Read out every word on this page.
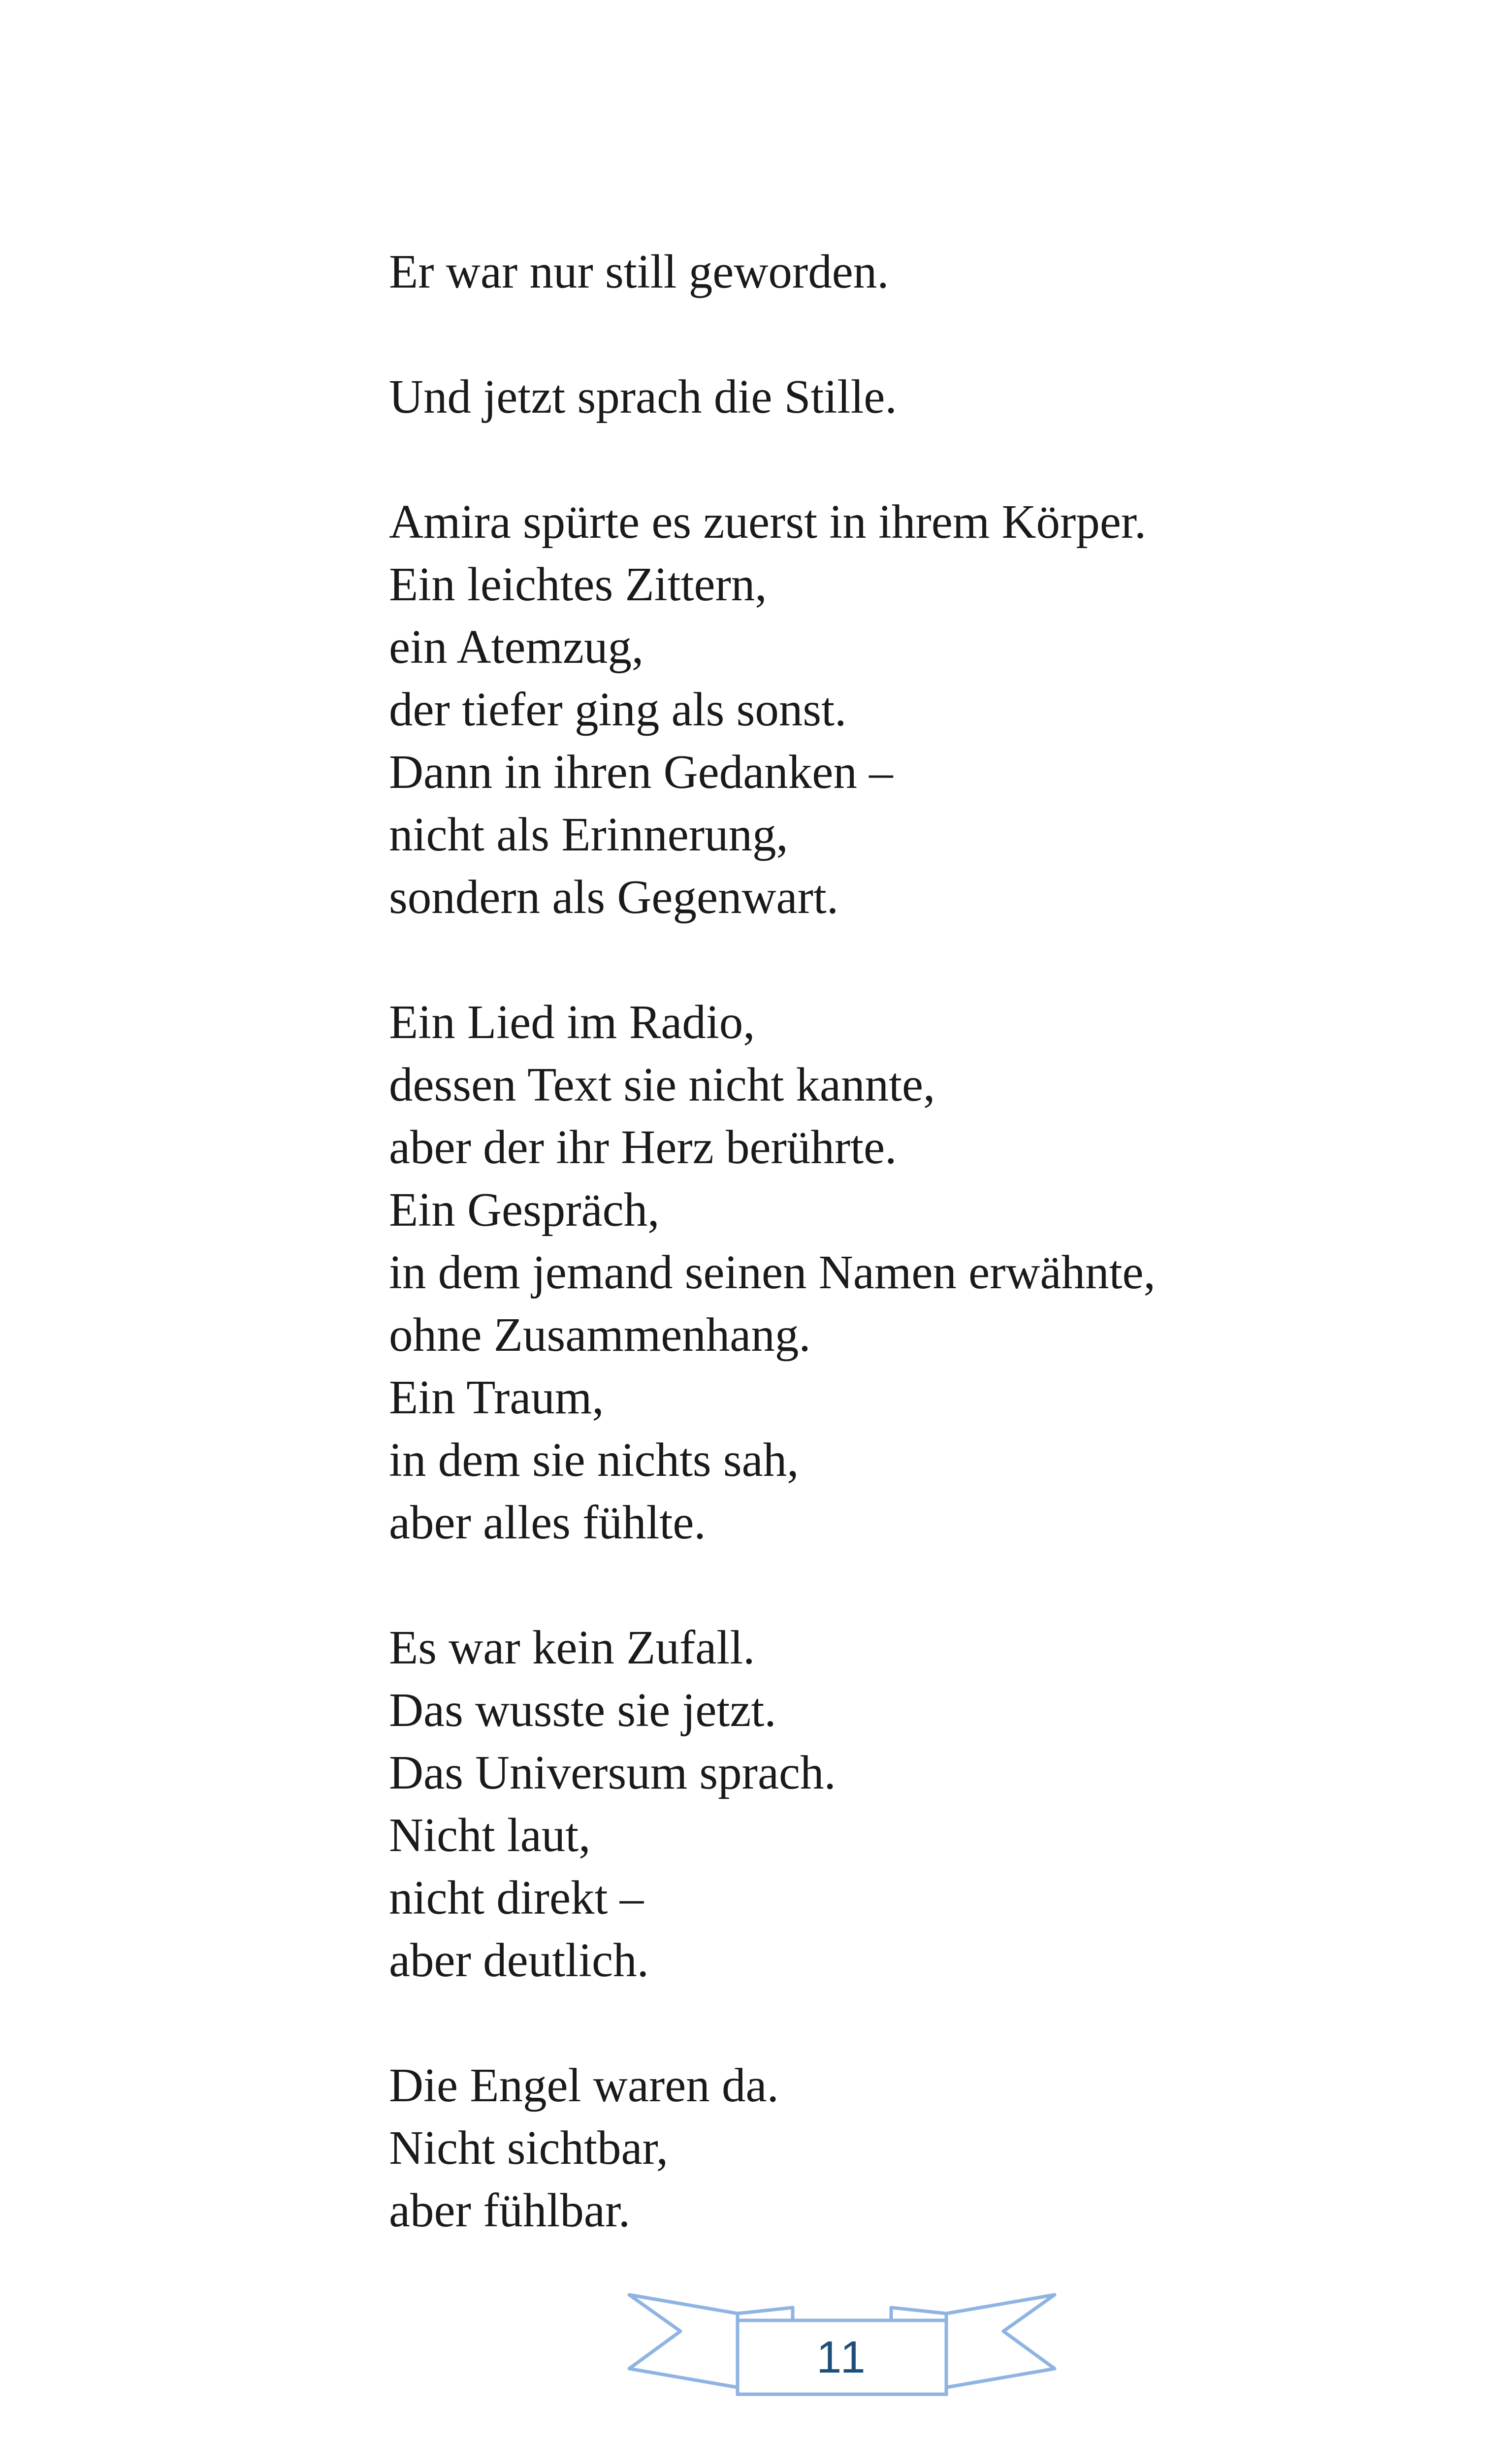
Er war nur still geworden.
Und jetzt sprach die Stille.
Amira spürte es zuerst in ihrem Körper.
Ein leichtes Zittern,
ein Atemzug,
der tiefer ging als sonst.
Dann in ihren Gedanken –
nicht als Erinnerung,
sondern als Gegenwart.
Ein Lied im Radio,
dessen Text sie nicht kannte,
aber der ihr Herz berührte.
Ein Gespräch,
in dem jemand seinen Namen erwähnte,
ohne Zusammenhang.
Ein Traum,
in dem sie nichts sah,
aber alles fühlte.
Es war kein Zufall.
Das wusste sie jetzt.
Das Universum sprach.
Nicht laut,
nicht direkt –
aber deutlich.
Die Engel waren da.
Nicht sichtbar,
aber fühlbar.
11
